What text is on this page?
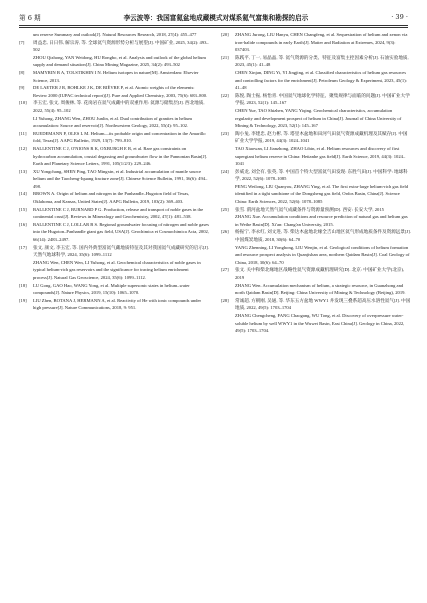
第 6 期	李云波等：我国富氦盆地成藏模式对煤系氦气富集和勘探的启示	· 39 ·
um reserve Summary and outlook[J]. Natural Resources Research, 2018, 27(4): 455–477
[7]	周益忠, 日日伟, 解宗涛, 等. 全球氦气资源形势分析与展望[J]. 中国矿业, 2025, 34(2): 493–502
ZHOU Qizhong, YAN Weidong, HU Rongbo, et al. Analysis and outlook of the global helium supply and demand situation[J]. China Mining Magazine, 2025, 34(2): 493–502
[8]	MAMYRIN B A, TOLSTIKHIN I N. Helium isotopes in nature[M]. Amsterdam: Elsevier Science, 2013.
[9]	DE LAETER J R, BOHLKE J K, DE BIÈVRE P, et al. Atomic weights of the elements: Review 2000 (IUPAC technical report)[J]. Pure and Applied Chemistry, 2003, 75(6): 683–800.
[10]	李玉宏, 张文, 周俊林, 等. 花岗岩在氦气成藏中的双重作用: 氦源与储集层[J]. 西北地质, 2022, 55(4): 95–102
LI Yuhong, ZHANG Wen, ZHOU Junlin, et al. Dual contribution of granites in helium accumulation: Source and reservoir[J]. Northwestern Geology, 2022, 55(4): 95–102.
[11]	RUEDEMANN P, OLES L M. Helium—its probable origin and concentration in the Amarillo fold, Texas[J]. AAPG Bulletin, 1929, 13(7): 799–810.
[12]	BALLENTINE C J, O'NIONS R K, OXBURGH E R, et al. Rare gas constraints on hydrocarbon accumulation, crustal degassing and groundwater flow in the Pannonian Basin[J]. Earth and Planetary Science Letters, 1991, 105(1/2/3): 229–246.
[13]	XU Yongchang, SHEN Ping, TAO Mingxin, et al. Industrial accumulation of mantle source helium and the Taocheng-Iquang fracture zone[J]. Chinese Science Bulletin, 1991, 36(6): 494–498.
[14]	BROWN A. Origin of helium and nitrogen in the Panhandle–Hugoton field of Texas, Oklahoma, and Kansas, United States[J]. AAPG Bulletin, 2019, 103(2): 369–403.
[15]	BALLENTINE C J, BURNARD P G. Production, release and transport of noble gases in the continental crust[J]. Reviews in Mineralogy and Geochemistry, 2002, 47(1): 481–538.
[16]	BALLENTINE C J, LOLLAR B S. Regional groundwater focusing of nitrogen and noble gases into the Hugoton–Panhandle giant gas field, USA[J]. Geochimica et Cosmochimica Acta, 2002, 66(14): 2483–2497.
[17]	张文, 颜文, 李玉宏, 等. 国内外典型富氦气藏地质特征及其对我国氦气成藏研究的启示[J]. 天然气地球科学, 2024, 35(6): 1099–1112
ZHANG Wen, CHEN Wen, LI Yuhong, et al. Geochemical characteristics of noble gases in typical helium-rich gas reservoirs and the significance for tracing helium enrichment process[J]. Natural Gas Geoscience, 2024, 35(6): 1099–1112.
[18]	LU Gong, GAO Hao, WANG Yong, et al. Multiple supersonic states in helium–water compounds[J]. Nature Physics, 2019, 15(10): 1065–1070.
[19]	LIU Zhen, BOTANA J, HERMANN A, et al. Reactivity of He with ionic compounds under high pressure[J]. Nature Communications, 2018, 9: 951.
[20]	ZHANG Jurong, LIU Hanyu, CHEN Changfeng, et al. Sequestration of helium and xenon via iron-halide compounds in early Earth[J]. Matter and Radiation at Extremes, 2024, 9(3): 037403.
[21]	陈践平, 丁一, 易晶晶, 等. 氦气资源的分类、特征及富集主控因素分析[J]. 石油实验地质, 2023, 45(1): 41–48
CHEN Xinjan, DING Yi, YI Jingjing, et al. Classified characteristics of helium gas resources and controlling factors for the enrichment[J]. Petroleum Geology & Experiment, 2023, 45(1): 41–48
[22]	陈悦, 陶士振, 杨怡青. 中国氦气地球化学特征、聚集规律与面临的问题[J]. 中国矿业大学学报, 2023, 52(1): 145–167
CHEN Yue, TAO Shizhen, YANG Yiqing. Geochemical characteristics, accumulation regularity and development prospect of helium in China[J]. Journal of China University of Mining & Technology, 2023, 52(1): 145–167
[23]	陶小兔, 李建忠, 赵力彬, 等. 塔里木盆地和田河气田氦气资源成藏机理及其赋存[J]. 中国矿业大学学报, 2019, 44(3): 1024–1041
TAO Xiaowan, LI Jianzhong, ZHAO Libin, et al. Helium resources and discovery of first supergiant helium reserve in China: Hetianhe gas field[J]. Earth Science, 2019, 44(3): 1024–1041
[24]	彭威龙, 刘全有, 张英, 等. 中国首个特大型富氦气田发现: 东胜气田[J]. 中国科学: 地球科学, 2022, 52(6): 1078–1085
PENG Weilong, LIU Quanyou, ZHANG Ying, et al. The first extra-large helium-rich gas field identified in a tight sandstone of the Dongsheng gas field, Ordos Basin, China[J]. Science China: Earth Sciences, 2022, 52(6): 1078–1085
[25]	张雪. 渭河盆地天然气氦气成藏条件与资源量预测[D]. 西安: 长安大学, 2015
ZHANG Xue. Accumulation conditions and resource prediction of natural gas and helium gas in Weihe Basin[D]. Xi'an: Chang'an University, 2015.
[26]	杨振宁, 李永红, 刘文进, 等. 柴达木盆地北缘全吉山地区氦气形成地质条件及资源远景[J]. 中国煤炭地质, 2018, 30(6): 64–70
YANG Zhenning, LI Yonghong, LIU Wenjin, et al. Geological conditions of helium formation and resource prospect analysis in Quanjishan area, northern Qaidam Basin[J]. Coal Geology of China, 2018, 30(6): 64–70
[27]	张文. 关中和柴北缘地区战略性氦气资源成藏机理研究[D]. 北京: 中国矿业大学(北京), 2019
ZHANG Wen. Accumulation mechanism of helium, a strategic resource, in Guanzhong and north Qaidam Basin[D]. Beijing: China University of Mining & Technology (Beijing), 2019.
[28]	常诚超, 方朝刚, 吴通, 等. 华东五方盆地 WWY1 井发现三叠系超高压水溶性氦气[J]. 中国地质, 2022, 49(5): 1703–1704
ZHANG Chengcheng, FANG Chaogang, WU Tong, et al. Discovery of overpressure water-soluble helium by well WWY1 in the Wuwei Basin, East China[J]. Geology in China, 2022, 49(5): 1703–1704.
